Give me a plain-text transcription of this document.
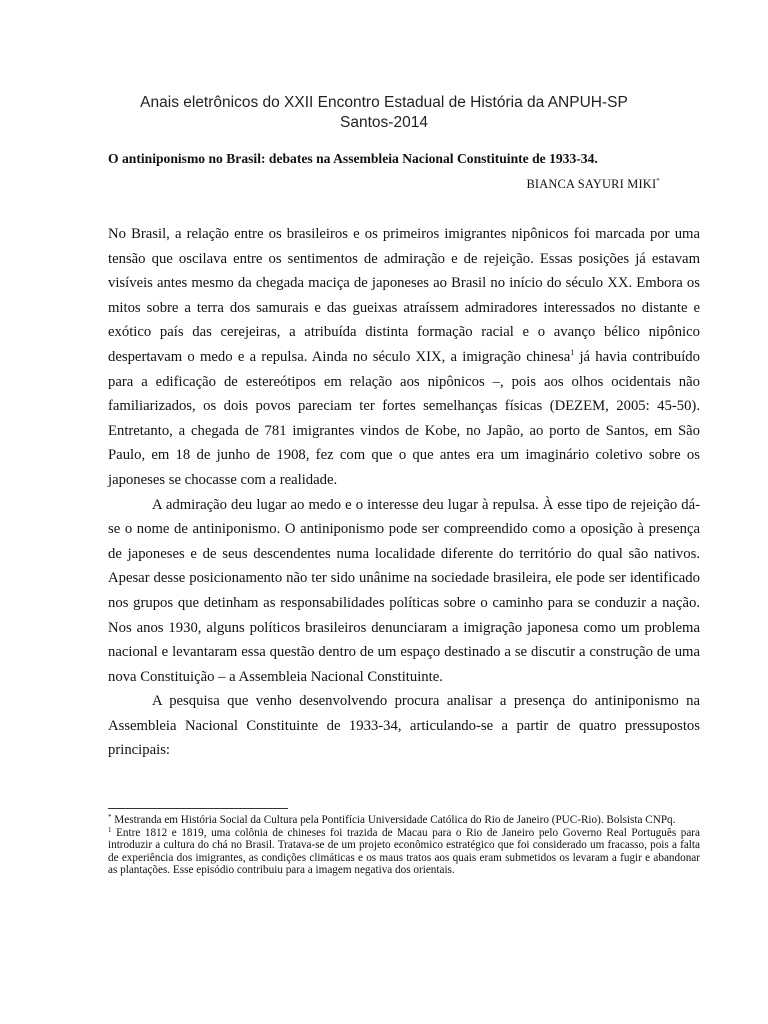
Anais eletrônicos do XXII Encontro Estadual de História da ANPUH-SP
Santos-2014
O antiniponismo no Brasil: debates na Assembleia Nacional Constituinte de 1933-34.
BIANCA SAYURI MIKI*

No Brasil, a relação entre os brasileiros e os primeiros imigrantes nipônicos foi marcada por uma tensão que oscilava entre os sentimentos de admiração e de rejeição. Essas posições já estavam visíveis antes mesmo da chegada maciça de japoneses ao Brasil no início do século XX. Embora os mitos sobre a terra dos samurais e das gueixas atraíssem admiradores interessados no distante e exótico país das cerejeiras, a atribuída distinta formação racial e o avanço bélico nipônico despertavam o medo e a repulsa. Ainda no século XIX, a imigração chinesa$^1$ já havia contribuído para a edificação de estereótipos em relação aos nipônicos –, pois aos olhos ocidentais não familiarizados, os dois povos pareciam ter fortes semelhanças físicas (DEZEM, 2005: 45-50). Entretanto, a chegada de 781 imigrantes vindos de Kobe, no Japão, ao porto de Santos, em São Paulo, em 18 de junho de 1908, fez com que o que antes era um imaginário coletivo sobre os japoneses se chocasse com a realidade.

A admiração deu lugar ao medo e o interesse deu lugar à repulsa. À esse tipo de rejeição dá-se o nome de antiniponismo. O antiniponismo pode ser compreendido como a oposição à presença de japoneses e de seus descendentes numa localidade diferente do território do qual são nativos. Apesar desse posicionamento não ter sido unânime na sociedade brasileira, ele pode ser identificado nos grupos que detinham as responsabilidades políticas sobre o caminho para se conduzir a nação. Nos anos 1930, alguns políticos brasileiros denunciaram a imigração japonesa como um problema nacional e levantaram essa questão dentro de um espaço destinado a se discutir a construção de uma nova Constituição – a Assembleia Nacional Constituinte.

A pesquisa que venho desenvolvendo procura analisar a presença do antiniponismo na Assembleia Nacional Constituinte de 1933-34, articulando-se a partir de quatro pressupostos principais:

* Mestranda em História Social da Cultura pela Pontifícia Universidade Católica do Rio de Janeiro (PUC-Rio). Bolsista CNPq.

$^1$ Entre 1812 e 1819, uma colônia de chineses foi trazida de Macau para o Rio de Janeiro pelo Governo Real Português para introduzir a cultura do chá no Brasil. Tratava-se de um projeto econômico estratégico que foi considerado um fracasso, pois a falta de experiência dos imigrantes, as condições climáticas e os maus tratos aos quais eram submetidos os levaram a fugir e abandonar as plantações. Esse episódio contribuiu para a imagem negativa dos orientais.
